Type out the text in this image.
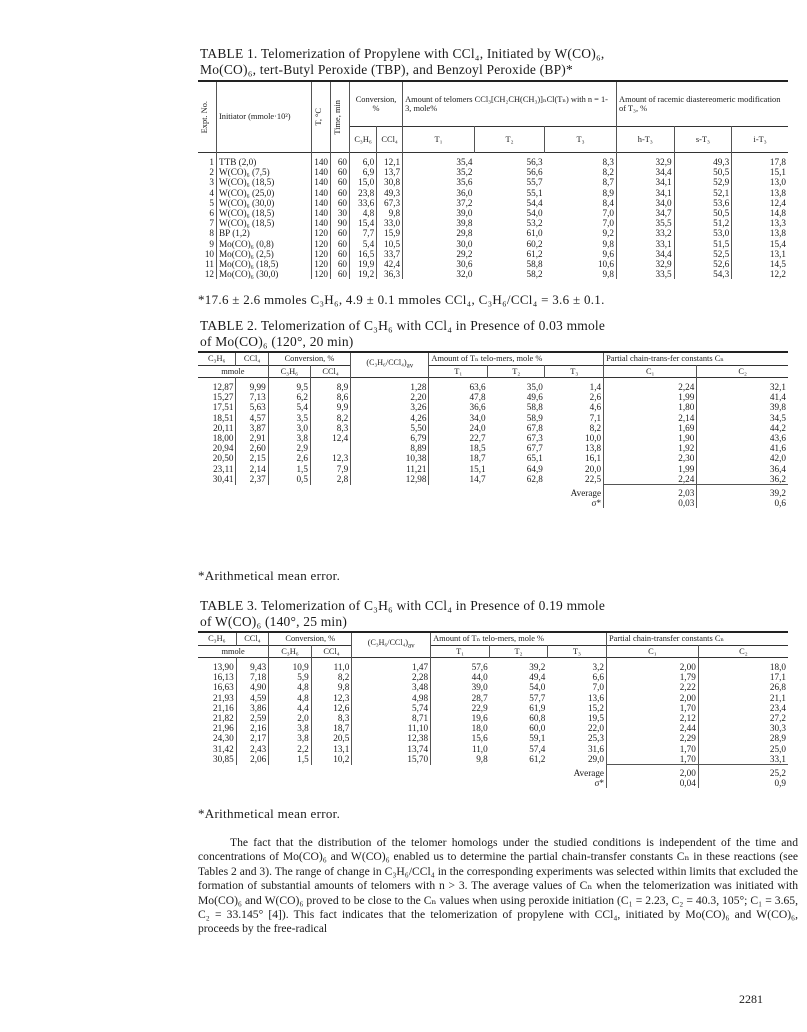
TABLE 1. Telomerization of Propylene with CCl₄, Initiated by W(CO)₆,
Mo(CO)₆, tert-Butyl Peroxide (TBP), and Benzoyl Peroxide (BP)*
Expt. No.	Initiator (mmole·10²)	T, °C	Time, min	Conversion, %		Amount of telomers CCl₃[CH₂CH(CH₃)]ₙCl(Tₙ) with n = 1-3, mole%			Amount of racemic diastereomeric modification of T₃, %		
				C₃H₆	CCl₄	T₁	T₂	T₃	h-T₃	s-T₃	i-T₃
1	TTB (2,0)	140	60	6,0	12,1	35,4	56,3	8,3	32,9	49,3	17,8
2	W(CO)₆ (7,5)	140	60	6,9	13,7	35,2	56,6	8,2	34,4	50,5	15,1
3	W(CO)₆ (18,5)	140	60	15,0	30,8	35,6	55,7	8,7	34,1	52,9	13,0
4	W(CO)₆ (25,0)	140	60	23,8	49,3	36,0	55,1	8,9	34,1	52,1	13,8
5	W(CO)₆ (30,0)	140	60	33,6	67,3	37,2	54,4	8,4	34,0	53,6	12,4
6	W(CO)₆ (18,5)	140	30	4,8	9,8	39,0	54,0	7,0	34,7	50,5	14,8
7	W(CO)₆ (18,5)	140	90	15,4	33,0	39,8	53,2	7,0	35,5	51,2	13,3
8	BP (1,2)	120	60	7,7	15,9	29,8	61,0	9,2	33,2	53,0	13,8
9	Mo(CO)₆ (0,8)	120	60	5,4	10,5	30,0	60,2	9,8	33,1	51,5	15,4
10	Mo(CO)₆ (2,5)	120	60	16,5	33,7	29,2	61,2	9,6	34,4	52,5	13,1
11	Mo(CO)₆ (18,5)	120	60	19,9	42,4	30,6	58,8	10,6	32,9	52,6	14,5
12	Mo(CO)₆ (30,0)	120	60	19,2	36,3	32,0	58,2	9,8	33,5	54,3	12,2
*17.6 ± 2.6 mmoles C₃H₆, 4.9 ± 0.1 mmoles CCl₄, C₃H₆/CCl₄ = 3.6 ± 0.1.
TABLE 2. Telomerization of C₃H₆ with CCl₄ in Presence of 0.03 mmole
of Mo(CO)₆ (120°, 20 min)
C₃H₆	CCl₄	Conversion, %		$(C_3H_6/CCl_4)_{av}$	Amount of Tₙ telo-mers, mole %			Partial chain-trans-fer constants Cₙ	
mmole		C₃H₆	CCl₄		T₁	T₂	T₃	C₁	C₂
12,87	9,99	9,5	8,9	1,28	63,6	35,0	1,4	2,24	32,1
15,27	7,13	6,2	8,6	2,20	47,8	49,6	2,6	1,99	41,4
17,51	5,63	5,4	9,9	3,26	36,6	58,8	4,6	1,80	39,8
18,51	4,57	3,5	8,2	4,26	34,0	58,9	7,1	2,14	34,5
20,11	3,87	3,0	8,3	5,50	24,0	67,8	8,2	1,69	44,2
18,00	2,91	3,8	12,4	6,79	22,7	67,3	10,0	1,90	43,6
20,94	2,60	2,9		8,89	18,5	67,7	13,8	1,92	41,6
20,50	2,15	2,6	12,3	10,38	18,7	65,1	16,1	2,30	42,0
23,11	2,14	1,5	7,9	11,21	15,1	64,9	20,0	1,99	36,4
30,41	2,37	0,5	2,8	12,98	14,7	62,8	22,5	2,24	36,2
Average								2,03	39,2
σ*								0,03	0,6
*Arithmetical mean error.
TABLE 3. Telomerization of C₃H₆ with CCl₄ in Presence of 0.19 mmole
of W(CO)₆ (140°, 25 min)
C₃H₆	CCl₄	Conversion, %		$(C_3H_6/CCl_4)_{av}$	Amount of Tₙ telo-mers, mole %			Partial chain-transfer constants Cₙ	
mmole		C₃H₆	CCl₄		T₁	T₂	T₃	C₁	C₂
13,90	9,43	10,9	11,0	1,47	57,6	39,2	3,2	2,00	18,0
16,13	7,18	5,9	8,2	2,28	44,0	49,4	6,6	1,79	17,1
16,63	4,90	4,8	9,8	3,48	39,0	54,0	7,0	2,22	26,8
21,93	4,59	4,8	12,3	4,98	28,7	57,7	13,6	2,00	21,1
21,16	3,86	4,4	12,6	5,74	22,9	61,9	15,2	1,70	23,4
21,82	2,59	2,0	8,3	8,71	19,6	60,8	19,5	2,12	27,2
21,96	2,16	3,8	18,7	11,10	18,0	60,0	22,0	2,44	30,3
24,30	2,17	3,8	20,5	12,38	15,6	59,1	25,3	2,29	28,9
31,42	2,43	2,2	13,1	13,74	11,0	57,4	31,6	1,70	25,0
30,85	2,06	1,5	10,2	15,70	9,8	61,2	29,0	1,70	33,1
Average								2,00	25,2
σ*								0,04	0,9
*Arithmetical mean error.

The fact that the distribution of the telomer homologs under the studied conditions is independent of the time and concentrations of Mo(CO)₆ and W(CO)₆ enabled us to determine the partial chain-transfer constants Cₙ in these reactions (see Tables 2 and 3). The range of change in C₃H₆/CCl₄ in the corresponding experiments was selected within limits that excluded the formation of substantial amounts of telomers with n > 3. The average values of Cₙ when the telomerization was initiated with Mo(CO)₆ and W(CO)₆ proved to be close to the Cₙ values when using peroxide initiation (C₁ = 2.23, C₂ = 40.3, 105°; C₁ = 3.65, C₂ = 33.145° [4]). This fact indicates that the telomerization of propylene with CCl₄, initiated by Mo(CO)₆ and W(CO)₆, proceeds by the free-radical

2281
